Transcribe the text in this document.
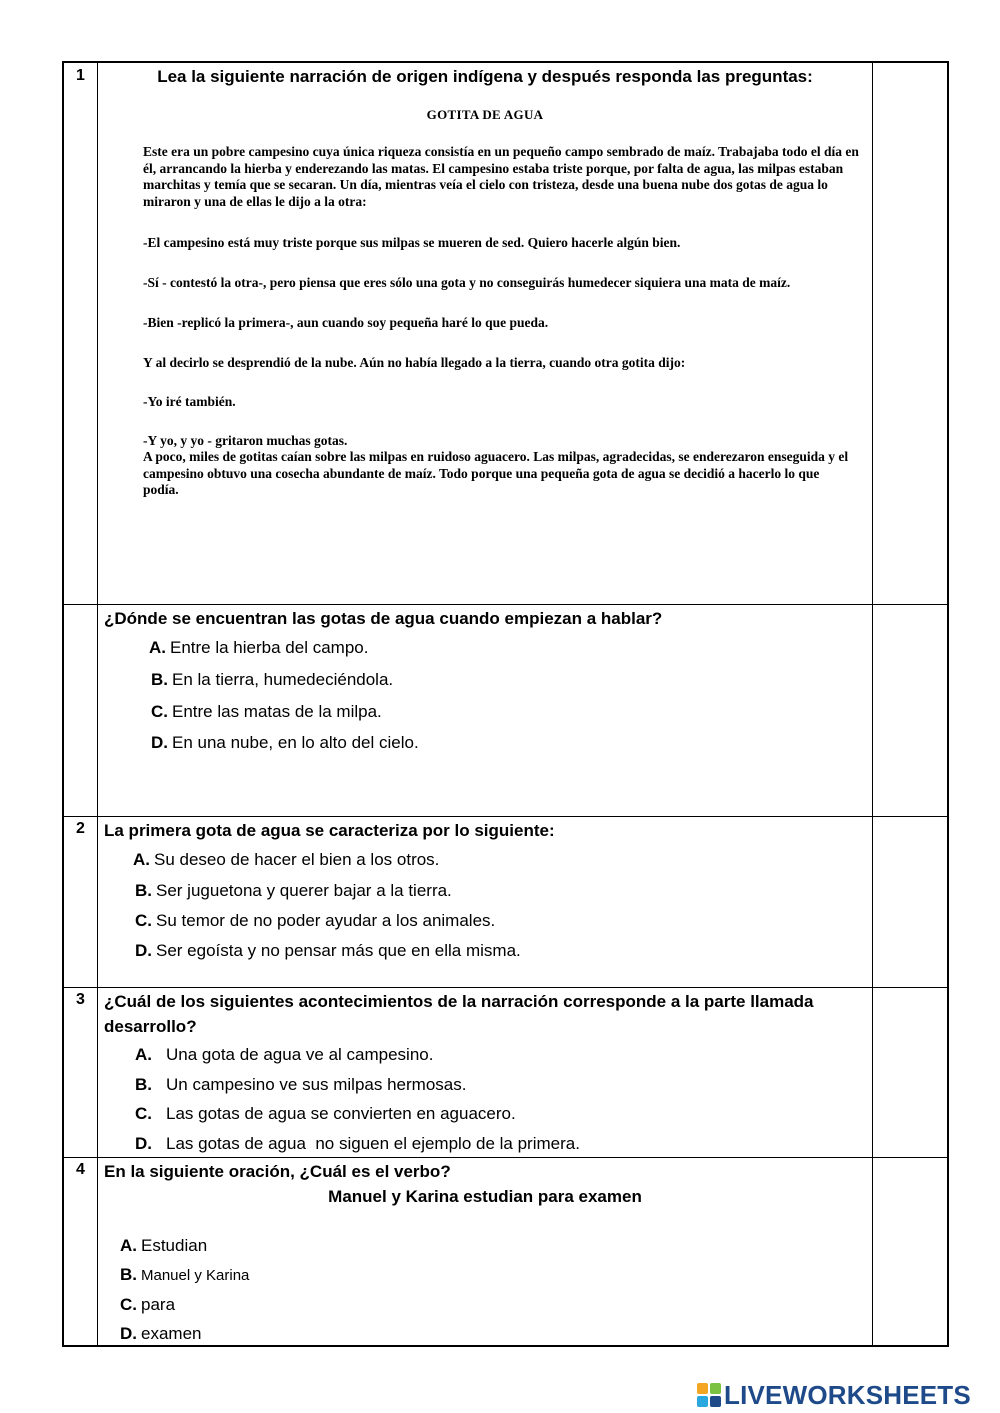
1	Lea la siguiente narración de origen indígena y después responda las preguntas:
GOTITA DE AGUA
Este era un pobre campesino cuya única riqueza consistía en un pequeño campo sembrado de maíz. Trabajaba todo el día en él, arrancando la hierba y enderezando las matas. El campesino estaba triste porque, por falta de agua, las milpas estaban marchitas y temía que se secaran. Un día, mientras veía el cielo con tristeza, desde una buena nube dos gotas de agua lo miraron y una de ellas le dijo a la otra:
-El campesino está muy triste porque sus milpas se mueren de sed. Quiero hacerle algún bien.
-Sí - contestó la otra-, pero piensa que eres sólo una gota y no conseguirás humedecer siquiera una mata de maíz.
-Bien -replicó la primera-, aun cuando soy pequeña haré lo que pueda.
Y al decirlo se desprendió de la nube. Aún no había llegado a la tierra, cuando otra gotita dijo:
-Yo iré también.
-Y yo, y yo - gritaron muchas gotas.
A poco, miles de gotitas caían sobre las milpas en ruidoso aguacero. Las milpas, agradecidas, se enderezaron enseguida y el campesino obtuvo una cosecha abundante de maíz. Todo porque una pequeña gota de agua se decidió a hacerlo lo que podía.
¿Dónde se encuentran las gotas de agua cuando empiezan a hablar?
A. Entre la hierba del campo.
B. En la tierra, humedeciéndola.
C. Entre las matas de la milpa.
D. En una nube, en lo alto del cielo.
2	La primera gota de agua se caracteriza por lo siguiente:
A. Su deseo de hacer el bien a los otros.
B. Ser juguetona y querer bajar a la tierra.
C. Su temor de no poder ayudar a los animales.
D. Ser egoísta y no pensar más que en ella misma.
3	¿Cuál de los siguientes acontecimientos de la narración corresponde a la parte llamada desarrollo?
A. Una gota de agua ve al campesino.
B. Un campesino ve sus milpas hermosas.
C. Las gotas de agua se convierten en aguacero.
D. Las gotas de agua  no siguen el ejemplo de la primera.
4	En la siguiente oración, ¿Cuál es el verbo?
Manuel y Karina estudian para examen
A. Estudian
B. Manuel y Karina
C. para
D. examen
LIVEWORKSHEETS
